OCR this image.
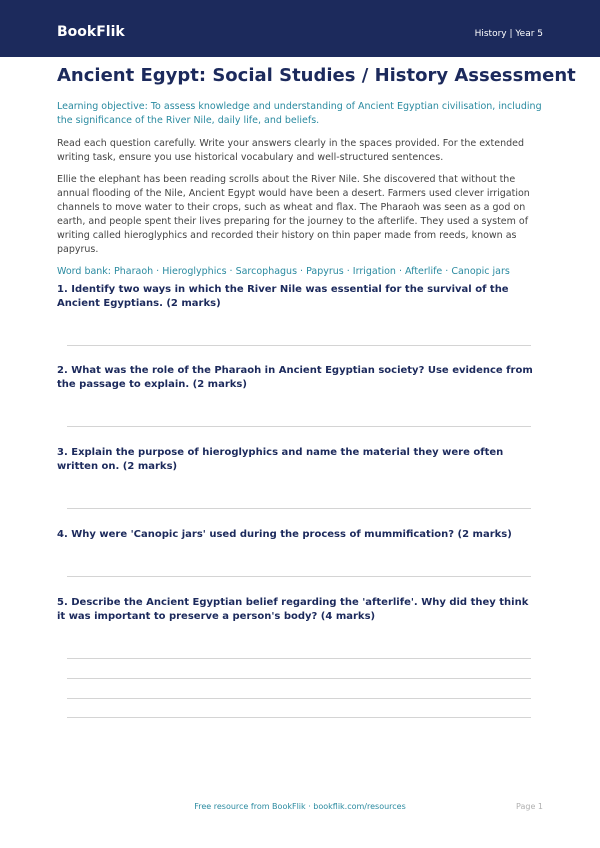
BookFlik	History | Year 5
Ancient Egypt: Social Studies / History Assessment
Learning objective: To assess knowledge and understanding of Ancient Egyptian civilisation, including the significance of the River Nile, daily life, and beliefs.
Read each question carefully. Write your answers clearly in the spaces provided. For the extended writing task, ensure you use historical vocabulary and well-structured sentences.
Ellie the elephant has been reading scrolls about the River Nile. She discovered that without the annual flooding of the Nile, Ancient Egypt would have been a desert. Farmers used clever irrigation channels to move water to their crops, such as wheat and flax. The Pharaoh was seen as a god on earth, and people spent their lives preparing for the journey to the afterlife. They used a system of writing called hieroglyphics and recorded their history on thin paper made from reeds, known as papyrus.
Word bank: Pharaoh · Hieroglyphics · Sarcophagus · Papyrus · Irrigation · Afterlife · Canopic jars
1. Identify two ways in which the River Nile was essential for the survival of the Ancient Egyptians. (2 marks)
2. What was the role of the Pharaoh in Ancient Egyptian society? Use evidence from the passage to explain. (2 marks)
3. Explain the purpose of hieroglyphics and name the material they were often written on. (2 marks)
4. Why were 'Canopic jars' used during the process of mummification? (2 marks)
5. Describe the Ancient Egyptian belief regarding the 'afterlife'. Why did they think it was important to preserve a person's body? (4 marks)
Free resource from BookFlik · bookflik.com/resources	Page 1
